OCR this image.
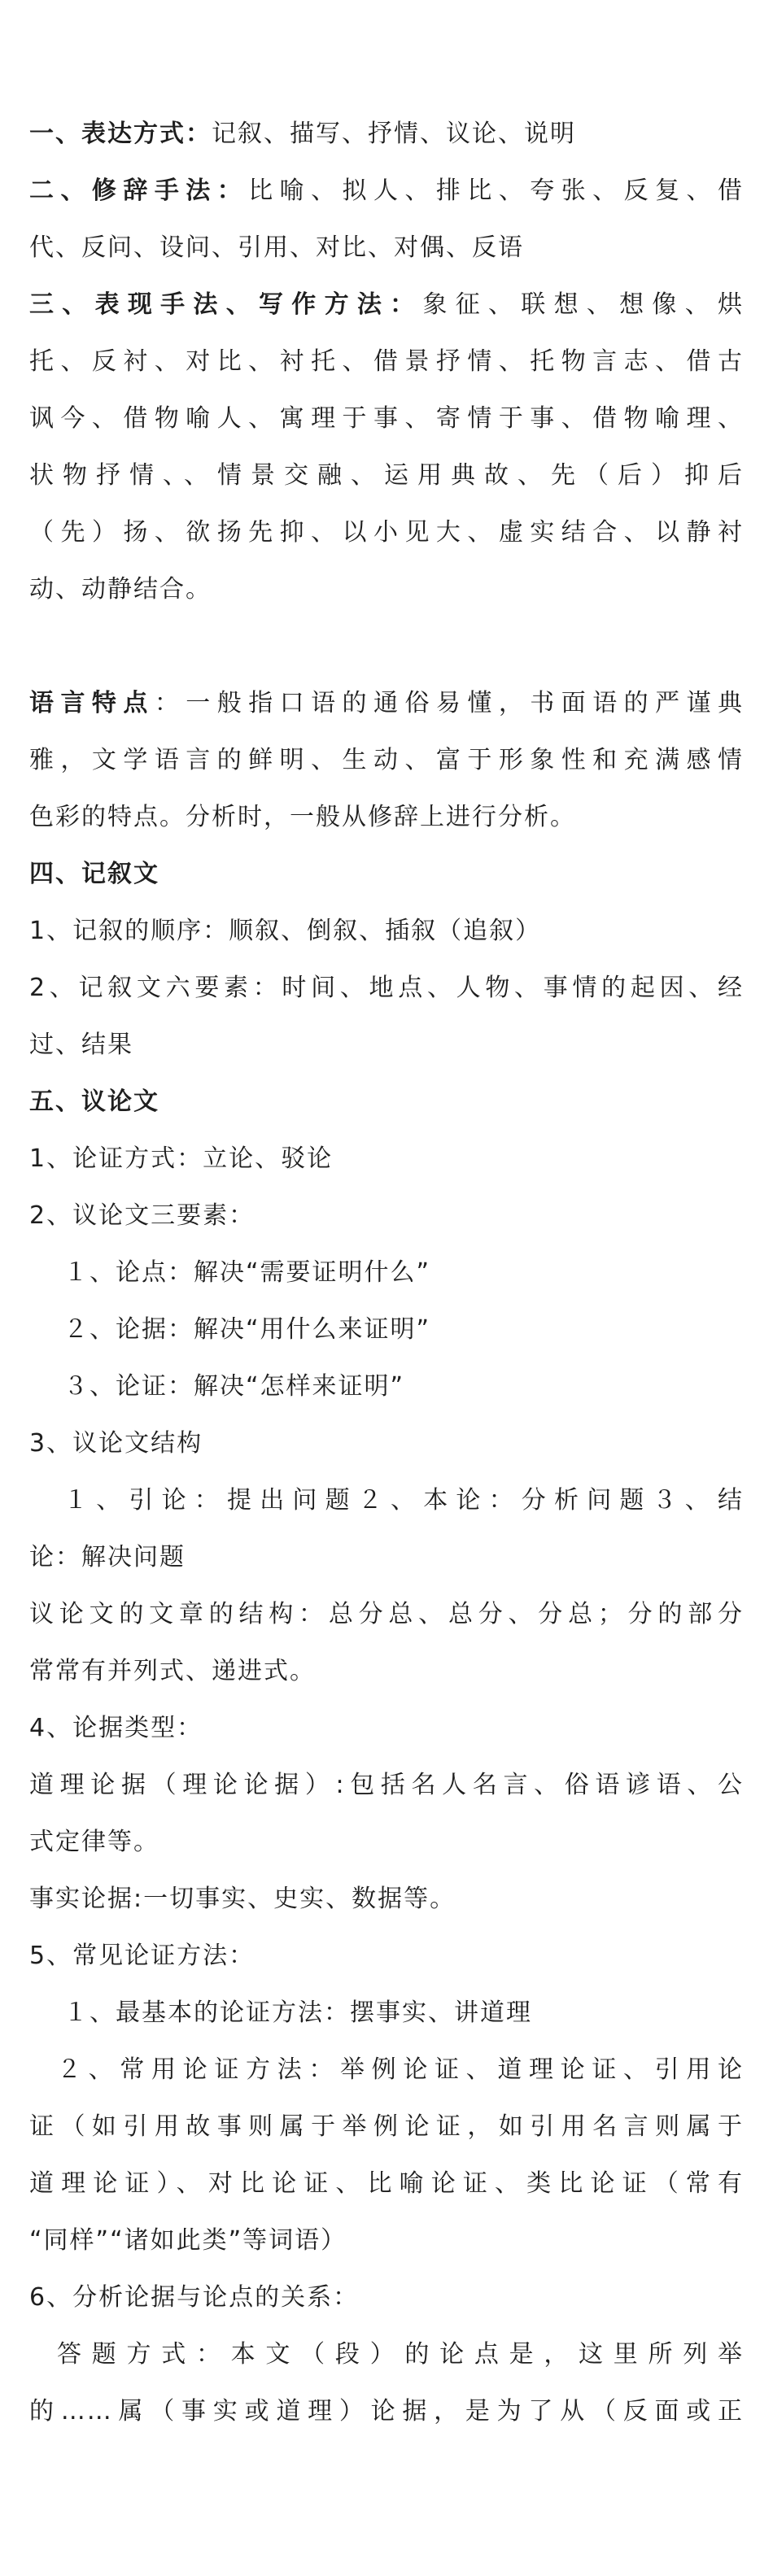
一、表达方式：记叙、描写、抒情、议论、说明
二、修辞手法：比喻、拟人、排比、夸张、反复、借
代、反问、设问、引用、对比、对偶、反语
三、表现手法、写作方法：象征、联想、想像、烘
托、反衬、对比、衬托、借景抒情、托物言志、借古
讽今、借物喻人、寓理于事、寄情于事、借物喻理、
状物抒情、、情景交融、运用典故、先（后）抑后
（先）扬、欲扬先抑、以小见大、虚实结合、以静衬
动、动静结合。
语言特点：一般指口语的通俗易懂，书面语的严谨典
雅，文学语言的鲜明、生动、富于形象性和充满感情
色彩的特点。分析时，一般从修辞上进行分析。
四、记叙文
1、记叙的顺序：顺叙、倒叙、插叙（追叙）
2、记叙文六要素：时间、地点、人物、事情的起因、经
过、结果
五、议论文
1、论证方式：立论、驳论
2、议论文三要素：
１、论点：解决“需要证明什么”
２、论据：解决“用什么来证明”
３、论证：解决“怎样来证明”
3、议论文结构
１、引论：提出问题２、本论：分析问题３、结
论：解决问题
议论文的文章的结构：总分总、总分、分总；分的部分
常常有并列式、递进式。
4、论据类型：
道理论据（理论论据）:包括名人名言、俗语谚语、公
式定律等。
事实论据:一切事实、史实、数据等。
5、常见论证方法：
１、最基本的论证方法：摆事实、讲道理
２、常用论证方法：举例论证、道理论证、引用论
证（如引用故事则属于举例论证，如引用名言则属于
道理论证）、对比论证、比喻论证、类比论证（常有
“同样”“诸如此类”等词语）
6、分析论据与论点的关系：
答题方式：本文（段）的论点是，这里所列举
的……属（事实或道理）论据，是为了从（反面或正
